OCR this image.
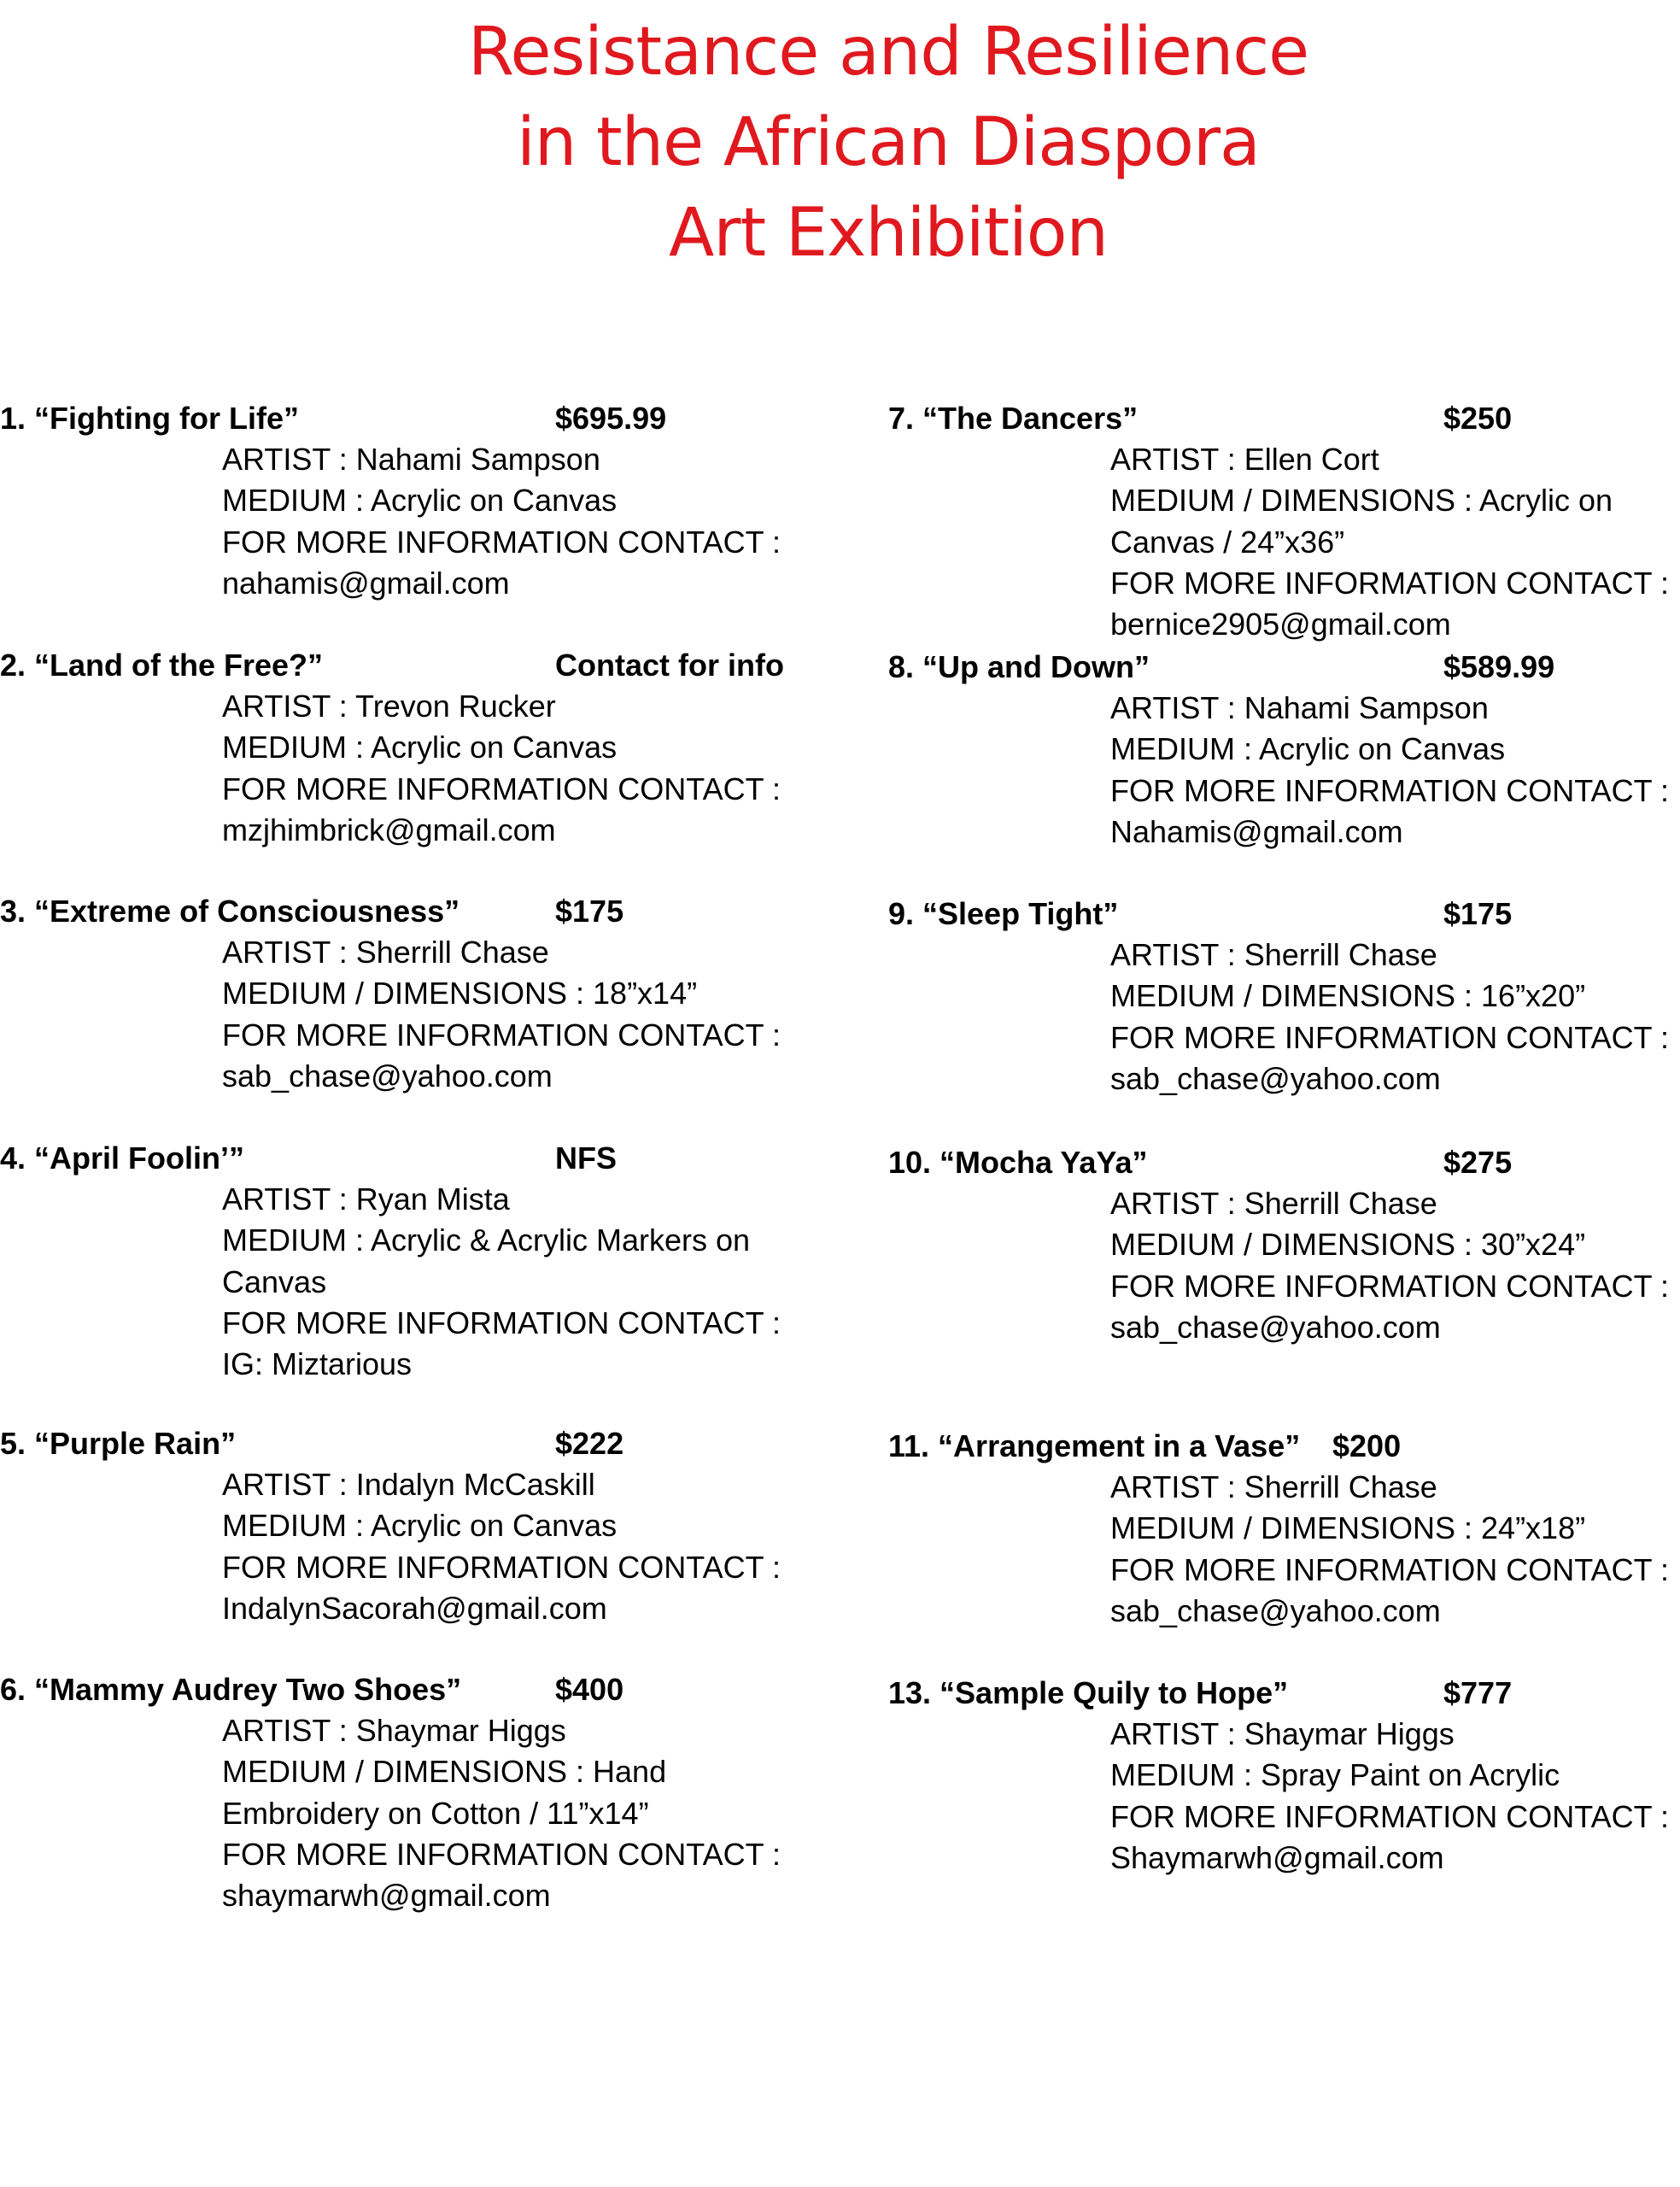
Resistance and Resilience
in the African Diaspora
Art Exhibition
1. “Fighting for Life”	$695.99
ARTIST : Nahami Sampson
MEDIUM : Acrylic on Canvas
FOR MORE INFORMATION CONTACT :
nahamis@gmail.com
2. “Land of the Free?”	Contact for info
ARTIST : Trevon Rucker
MEDIUM : Acrylic on Canvas
FOR MORE INFORMATION CONTACT :
mzjhimbrick@gmail.com
3. “Extreme of Consciousness”	$175
ARTIST : Sherrill Chase
MEDIUM / DIMENSIONS : 18”x14”
FOR MORE INFORMATION CONTACT :
sab_chase@yahoo.com
4. “April Foolin’”	NFS
ARTIST : Ryan Mista
MEDIUM : Acrylic & Acrylic Markers on
Canvas
FOR MORE INFORMATION CONTACT :
IG: Miztarious
5. “Purple Rain”	$222
ARTIST : Indalyn McCaskill
MEDIUM : Acrylic on Canvas
FOR MORE INFORMATION CONTACT :
IndalynSacorah@gmail.com
6. “Mammy Audrey Two Shoes”	$400
ARTIST : Shaymar Higgs
MEDIUM / DIMENSIONS : Hand
Embroidery on Cotton / 11”x14”
FOR MORE INFORMATION CONTACT :
shaymarwh@gmail.com
7. “The Dancers”	$250
ARTIST : Ellen Cort
MEDIUM / DIMENSIONS : Acrylic on
Canvas / 24”x36”
FOR MORE INFORMATION CONTACT :
bernice2905@gmail.com
8. “Up and Down”	$589.99
ARTIST : Nahami Sampson
MEDIUM : Acrylic on Canvas
FOR MORE INFORMATION CONTACT :
Nahamis@gmail.com
9. “Sleep Tight”	$175
ARTIST : Sherrill Chase
MEDIUM / DIMENSIONS : 16”x20”
FOR MORE INFORMATION CONTACT :
sab_chase@yahoo.com
10. “Mocha YaYa”	$275
ARTIST : Sherrill Chase
MEDIUM / DIMENSIONS : 30”x24”
FOR MORE INFORMATION CONTACT :
sab_chase@yahoo.com
11. “Arrangement in a Vase” $200
ARTIST : Sherrill Chase
MEDIUM / DIMENSIONS : 24”x18”
FOR MORE INFORMATION CONTACT :
sab_chase@yahoo.com
13. “Sample Quily to Hope”	$777
ARTIST : Shaymar Higgs
MEDIUM : Spray Paint on Acrylic
FOR MORE INFORMATION CONTACT :
Shaymarwh@gmail.com
